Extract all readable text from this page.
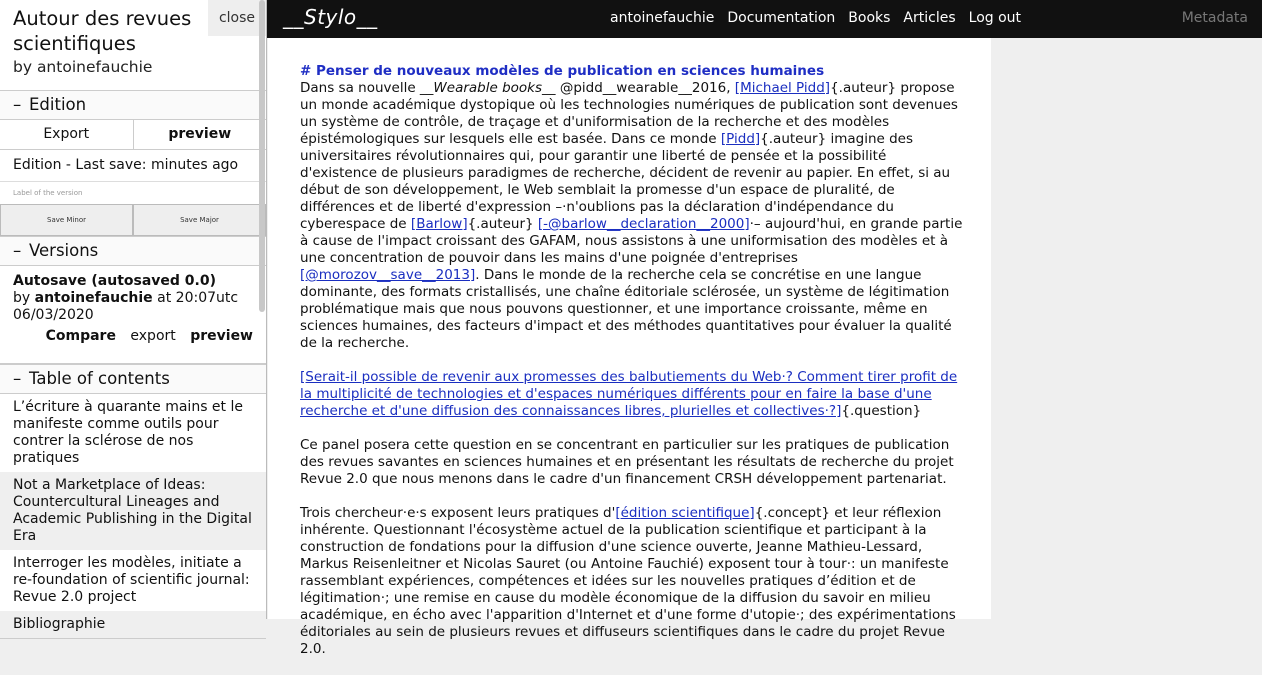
Autour des revues scientifiques
by antoinefauchie
close
– Edition
Export	preview
Edition - Last save: minutes ago
Label of the version
Save Minor	Save Major
– Versions
Autosave (autosaved 0.0)
by antoinefauchie at 20:07utc
06/03/2020
Compare export preview
– Table of contents
L’écriture à quarante mains et le manifeste comme outils pour contrer la sclérose de nos pratiques
Not a Marketplace of Ideas: Countercultural Lineages and Academic Publishing in the Digital Era
Interroger les modèles, initiate a re-foundation of scientific journal: Revue 2.0 project
Bibliographie
__Stylo__	antoinefauchie Documentation Books Articles Log out	Metadata
# Penser de nouveaux modèles de publication en sciences humaines

Dans sa nouvelle __Wearable books__ @pidd__wearable__2016, [Michael Pidd]{.auteur} propose un monde académique dystopique où les technologies numériques de publication sont devenues un système de contrôle, de traçage et d'uniformisation de la recherche et des modèles épistémologiques sur lesquels elle est basée. Dans ce monde [Pidd]{.auteur} imagine des universitaires révolutionnaires qui, pour garantir une liberté de pensée et la possibilité d'existence de plusieurs paradigmes de recherche, décident de revenir au papier. En effet, si au début de son développement, le Web semblait la promesse d'un espace de pluralité, de différences et de liberté d'expression –·n'oublions pas la déclaration d'indépendance du cyberespace de [Barlow]{.auteur} [-@barlow__declaration__2000]·– aujourd'hui, en grande partie à cause de l'impact croissant des GAFAM, nous assistons à une uniformisation des modèles et à une concentration de pouvoir dans les mains d'une poignée d'entreprises [@morozov__save__2013]. Dans le monde de la recherche cela se concrétise en une langue dominante, des formats cristallisés, une chaîne éditoriale sclérosée, un système de légitimation problématique mais que nous pouvons questionner, et une importance croissante, même en sciences humaines, des facteurs d'impact et des méthodes quantitatives pour évaluer la qualité de la recherche.

[Serait-il possible de revenir aux promesses des balbutiements du Web·? Comment tirer profit de la multiplicité de technologies et d'espaces numériques différents pour en faire la base d'une recherche et d'une diffusion des connaissances libres, plurielles et collectives·?]{.question}

Ce panel posera cette question en se concentrant en particulier sur les pratiques de publication des revues savantes en sciences humaines et en présentant les résultats de recherche du projet Revue 2.0 que nous menons dans le cadre d'un financement CRSH développement partenariat.

Trois chercheur·e·s exposent leurs pratiques d'[édition scientifique]{.concept} et leur réflexion inhérente. Questionnant l'écosystème actuel de la publication scientifique et participant à la construction de fondations pour la diffusion d'une science ouverte, Jeanne Mathieu-Lessard, Markus Reisenleitner et Nicolas Sauret (ou Antoine Fauchié) exposent tour à tour·: un manifeste rassemblant expériences, compétences et idées sur les nouvelles pratiques d’édition et de légitimation·; une remise en cause du modèle économique de la diffusion du savoir en milieu académique, en écho avec l'apparition d'Internet et d'une forme d'utopie·; des expérimentations éditoriales au sein de plusieurs revues et diffuseurs scientifiques dans le cadre du projet Revue 2.0.
